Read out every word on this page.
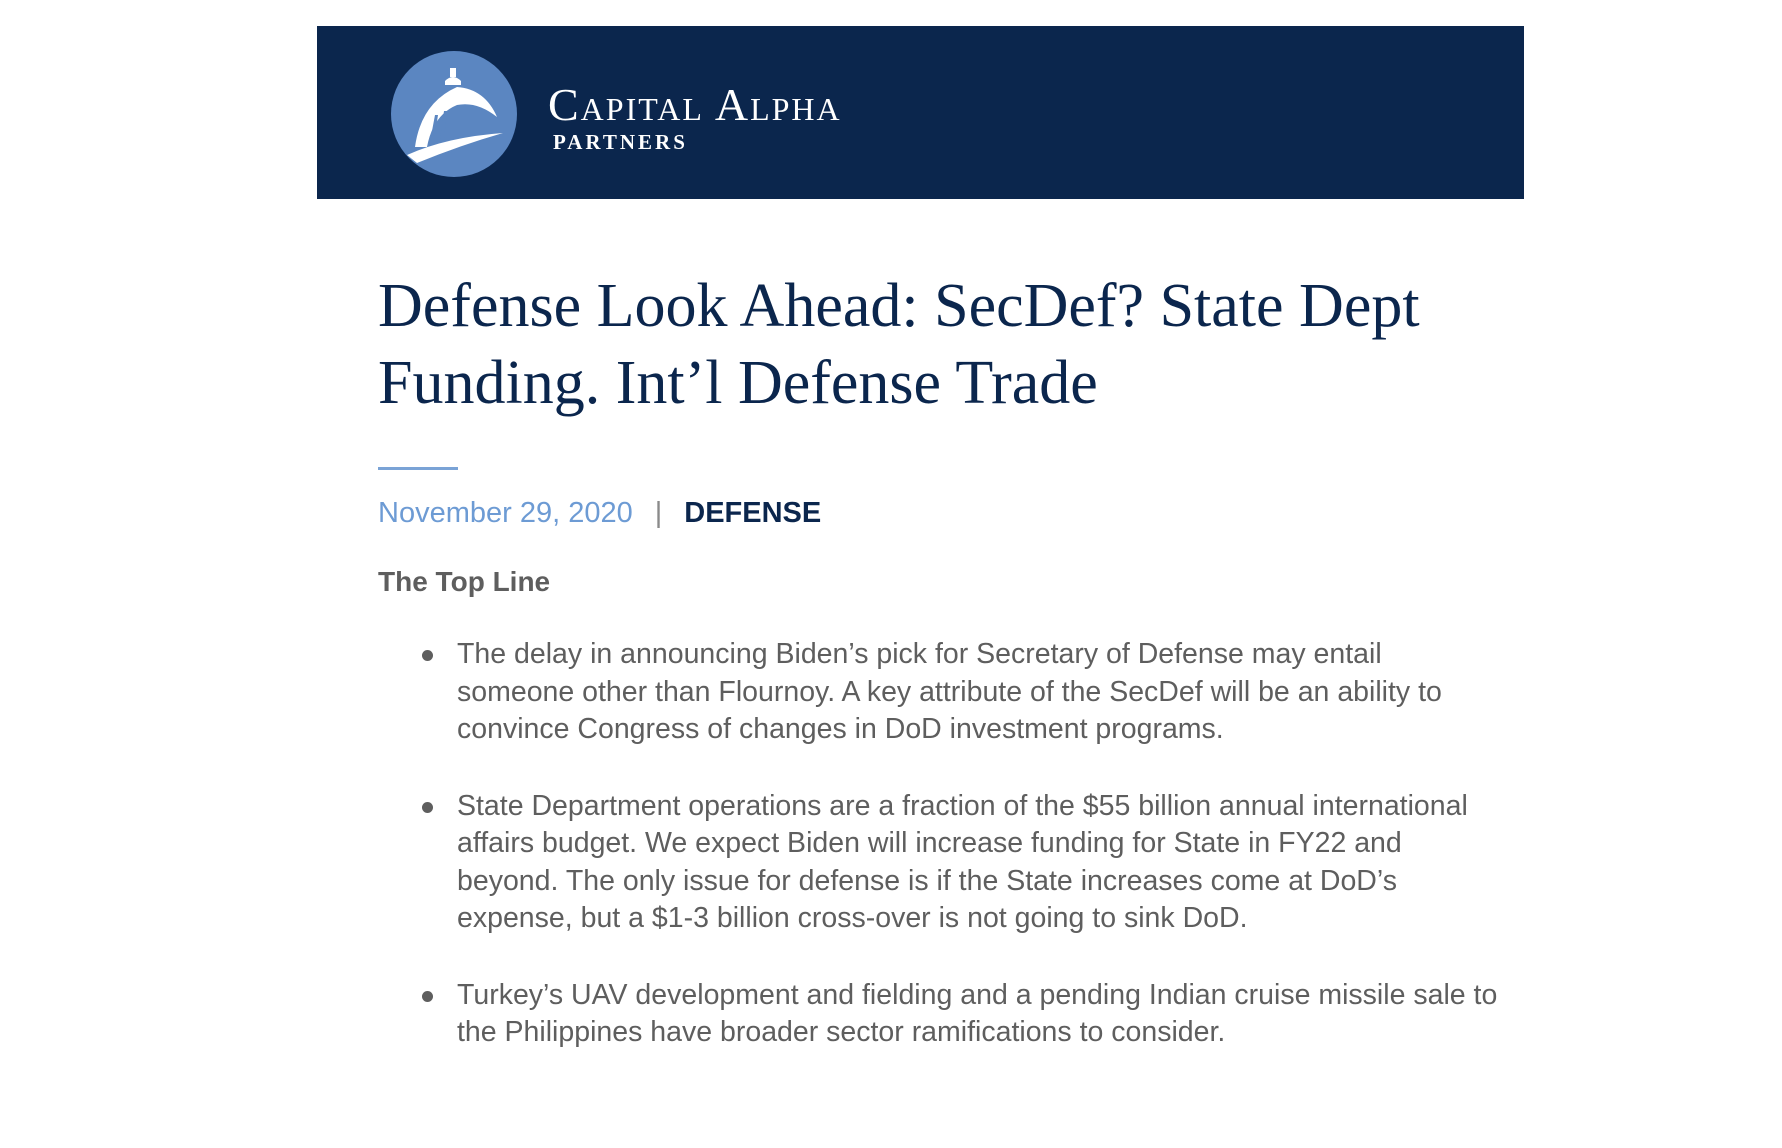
Capital Alpha
PARTNERS
Defense Look Ahead: SecDef? State Dept Funding. Int’l Defense Trade
November 29, 2020 | DEFENSE
The Top Line
The delay in announcing Biden’s pick for Secretary of Defense may entail someone other than Flournoy. A key attribute of the SecDef will be an ability to convince Congress of changes in DoD investment programs.
State Department operations are a fraction of the $55 billion annual international affairs budget. We expect Biden will increase funding for State in FY22 and beyond. The only issue for defense is if the State increases come at DoD’s expense, but a $1-3 billion cross-over is not going to sink DoD.
Turkey’s UAV development and fielding and a pending Indian cruise missile sale to the Philippines have broader sector ramifications to consider.
